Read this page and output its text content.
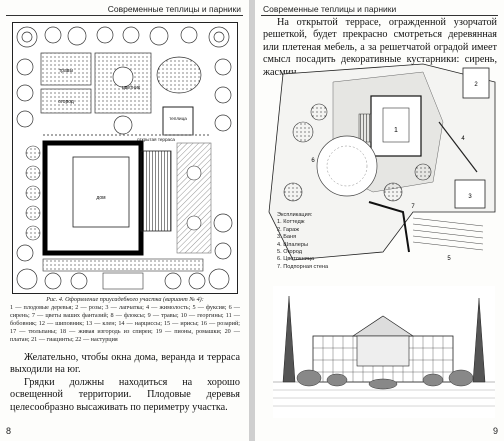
Современные теплицы и парники
травы
огород
цветник
теплица
дом
открытая терраса
Рис. 4. Оформление приусадебного участка (вариант № 4):
1 — плодовые деревья; 2 — розы; 3 — лапчатка; 4 — жимолость; 5 — фуксия; 6 — сирень; 7 — цветы ваших фантазий; 8 — флоксы; 9 — травы; 10 — георгины; 11 — бобовник; 12 — шиповник; 13 — клен; 14 — нарциссы; 15 — ирисы; 16 — розарий; 17 — тюльпаны; 18 — живая изгородь из спиреи; 19 — пионы, ромашки; 20 — платан; 21 — гиацинты; 22 — настурция

Желательно, чтобы окна дома, веранда и терраса выходили на юг.

Грядки должны находиться на хорошо освещенной территории. Плодовые деревья целесообразно высаживать по периметру участка.

8
Современные теплицы и парники

На открытой террасе, огражденной узорчатой решеткой, будет прекрасно смотреться деревянная или плетеная мебель, а за решетчатой оградой имеет смысл посадить декоративные кустарники: сирень, жасмин,

2
1
6
3
5
4
7
Экспликация:
1. Коттедж
2. Гараж
3. Баня
4. Шпалеры
5. Огород
6. Цветочница
7. Подпорная стена
9
